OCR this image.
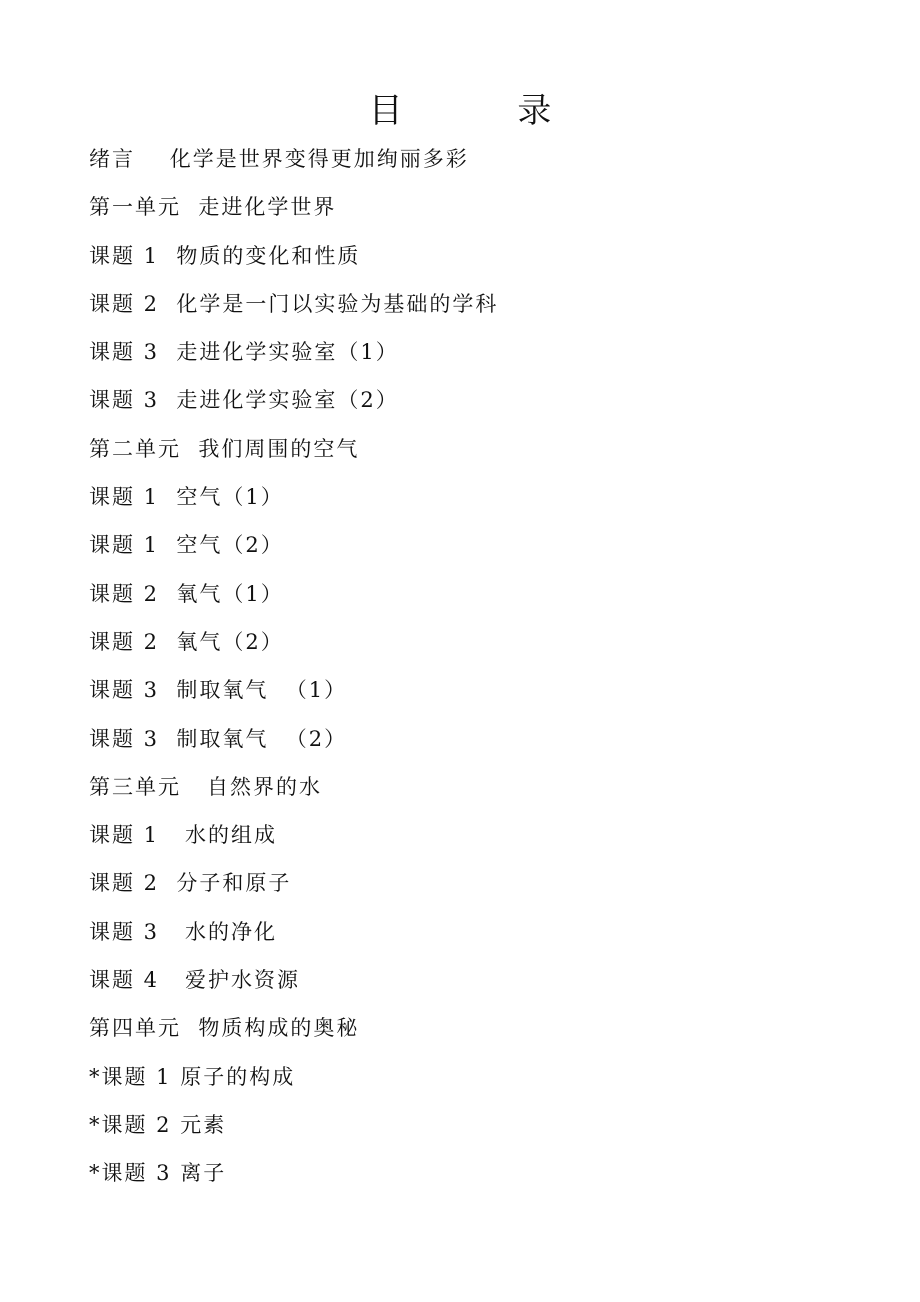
目 录
绪言    化学是世界变得更加绚丽多彩
第一单元  走进化学世界
课题 1  物质的变化和性质
课题 2  化学是一门以实验为基础的学科
课题 3  走进化学实验室（1）
课题 3  走进化学实验室（2）
第二单元  我们周围的空气
课题 1  空气（1）
课题 1  空气（2）
课题 2  氧气（1）
课题 2  氧气（2）
课题 3  制取氧气  （1）
课题 3  制取氧气  （2）
第三单元   自然界的水
课题 1   水的组成
课题 2  分子和原子
课题 3   水的净化
课题 4   爱护水资源
第四单元  物质构成的奥秘
*课题 1 原子的构成
*课题 2 元素
*课题 3 离子
